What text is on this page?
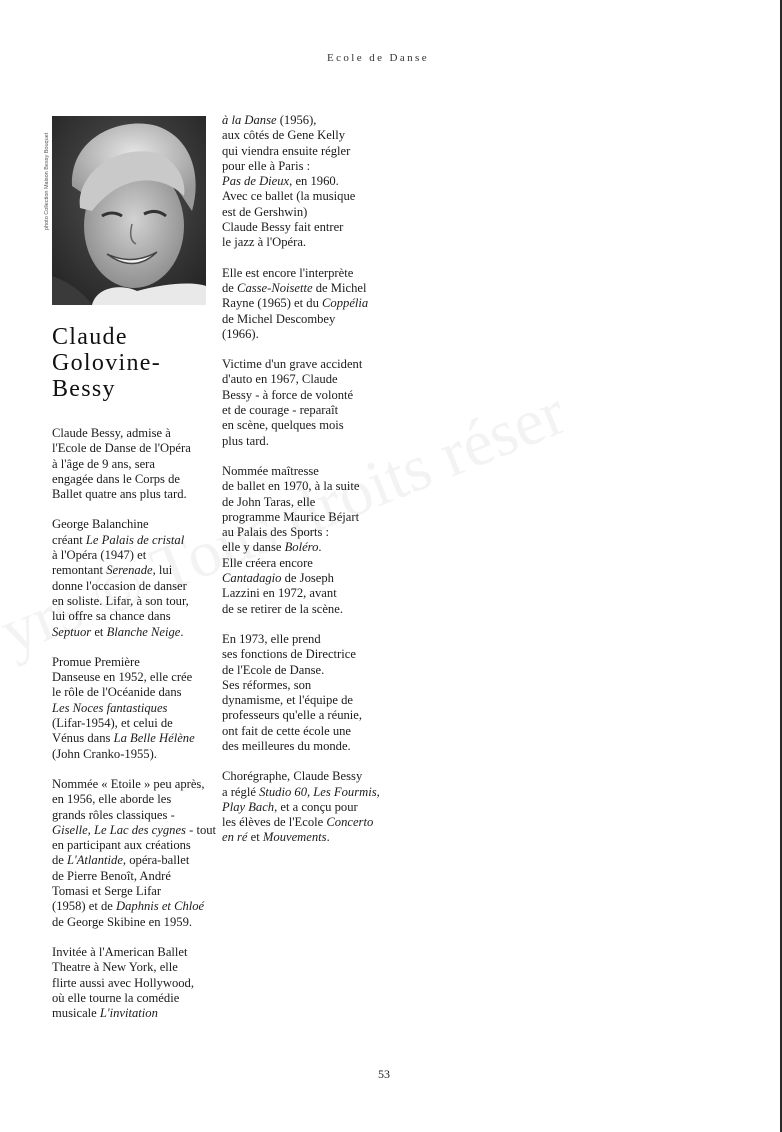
Ecole de Danse
photo Collection Maison Bessy Bouquet
Claude
Golovine-
Bessy

Claude Bessy, admise à
l'Ecole de Danse de l'Opéra
à l'âge de 9 ans, sera
engagée dans le Corps de
Ballet quatre ans plus tard.

George Balanchine
créant Le Palais de cristal
à l'Opéra (1947) et
remontant Serenade, lui
donne l'occasion de danser
en soliste. Lifar, à son tour,
lui offre sa chance dans
Septuor et Blanche Neige.

Promue Première
Danseuse en 1952, elle crée
le rôle de l'Océanide dans
Les Noces fantastiques
(Lifar-1954), et celui de
Vénus dans La Belle Hélène
(John Cranko-1955).

Nommée « Etoile » peu après,
en 1956, elle aborde les
grands rôles classiques -
Giselle, Le Lac des cygnes - tout
en participant aux créations
de L'Atlantide, opéra-ballet
de Pierre Benoît, André
Tomasi et Serge Lifar
(1958) et de Daphnis et Chloé
de George Skibine en 1959.

Invitée à l'American Ballet
Theatre à New York, elle
flirte aussi avec Hollywood,
où elle tourne la comédie
musicale L'invitation

à la Danse (1956),
aux côtés de Gene Kelly
qui viendra ensuite régler
pour elle à Paris :
Pas de Dieux, en 1960.
Avec ce ballet (la musique
est de Gershwin)
Claude Bessy fait entrer
le jazz à l'Opéra.

Elle est encore l'interprète
de Casse-Noisette de Michel
Rayne (1965) et du Coppélia
de Michel Descombey
(1966).

Victime d'un grave accident
d'auto en 1967, Claude
Bessy - à force de volonté
et de courage - reparaît
en scène, quelques mois
plus tard.

Nommée maîtresse
de ballet en 1970, à la suite
de John Taras, elle
programme Maurice Béjart
au Palais des Sports :
elle y danse Boléro.
Elle créera encore
Cantadagio de Joseph
Lazzini en 1972, avant
de se retirer de la scène.

En 1973, elle prend
ses fonctions de Directrice
de l'Ecole de Danse.
Ses réformes, son
dynamisme, et l'équipe de
professeurs qu'elle a réunie,
ont fait de cette école une
des meilleures du monde.

Chorégraphe, Claude Bessy
a réglé Studio 60, Les Fourmis,
Play Bach, et a conçu pour
les élèves de l'Ecole Concerto
en ré et Mouvements.

53
